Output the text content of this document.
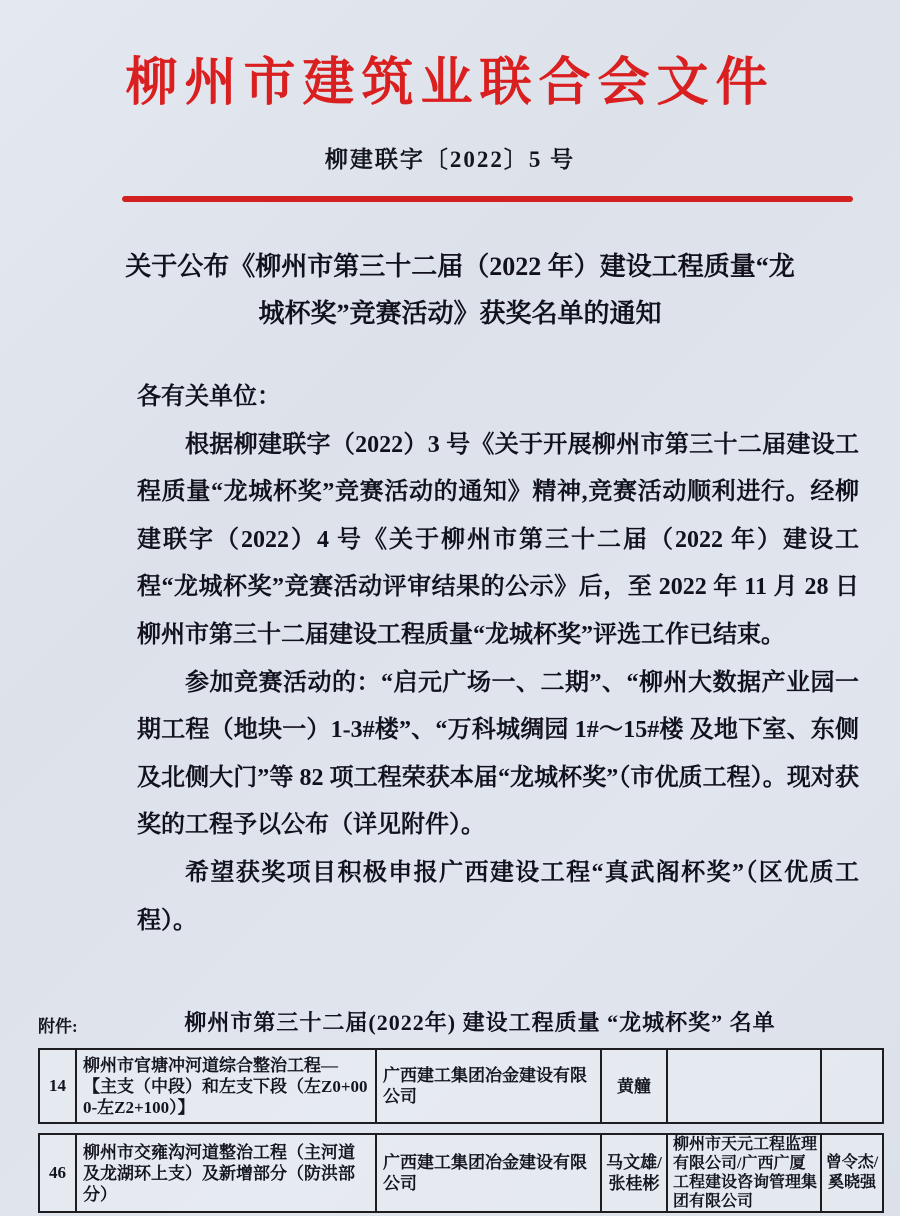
柳州市建筑业联合会文件
柳建联字〔2022〕5 号
关于公布《柳州市第三十二届（2022 年）建设工程质量“龙
城杯奖”竞赛活动》获奖名单的通知
各有关单位：
根据柳建联字（2022）3 号《关于开展柳州市第三十二届建设工程质量“龙城杯奖”竞赛活动的通知》精神,竞赛活动顺利进行。经柳建联字（2022）4 号《关于柳州市第三十二届（2022 年）建设工程“龙城杯奖”竞赛活动评审结果的公示》后，至 2022 年 11 月 28 日柳州市第三十二届建设工程质量“龙城杯奖”评选工作已结束。
参加竞赛活动的：“启元广场一、二期”、“柳州大数据产业园一期工程（地块一）1-3#楼”、“万科城绸园 1#～15#楼 及地下室、东侧及北侧大门”等 82 项工程荣获本届“龙城杯奖”（市优质工程）。现对获奖的工程予以公布（详见附件）。
希望获奖项目积极申报广西建设工程“真武阁杯奖”（区优质工程）。
附件:	柳州市第三十二届(2022年) 建设工程质量 “龙城杯奖” 名单
14
柳州市官塘冲河道综合整治工程—【主支（中段）和左支下段（左Z0+000-左Z2+100）】
广西建工集团冶金建设有限公司
黄艟
46
柳州市交雍沟河道整治工程（主河道及龙湖环上支）及新增部分（防洪部分）
广西建工集团冶金建设有限公司
马文雄/张桂彬
柳州市天元工程监理有限公司/广西广厦工程建设咨询管理集团有限公司
曾令杰/奚晓强
